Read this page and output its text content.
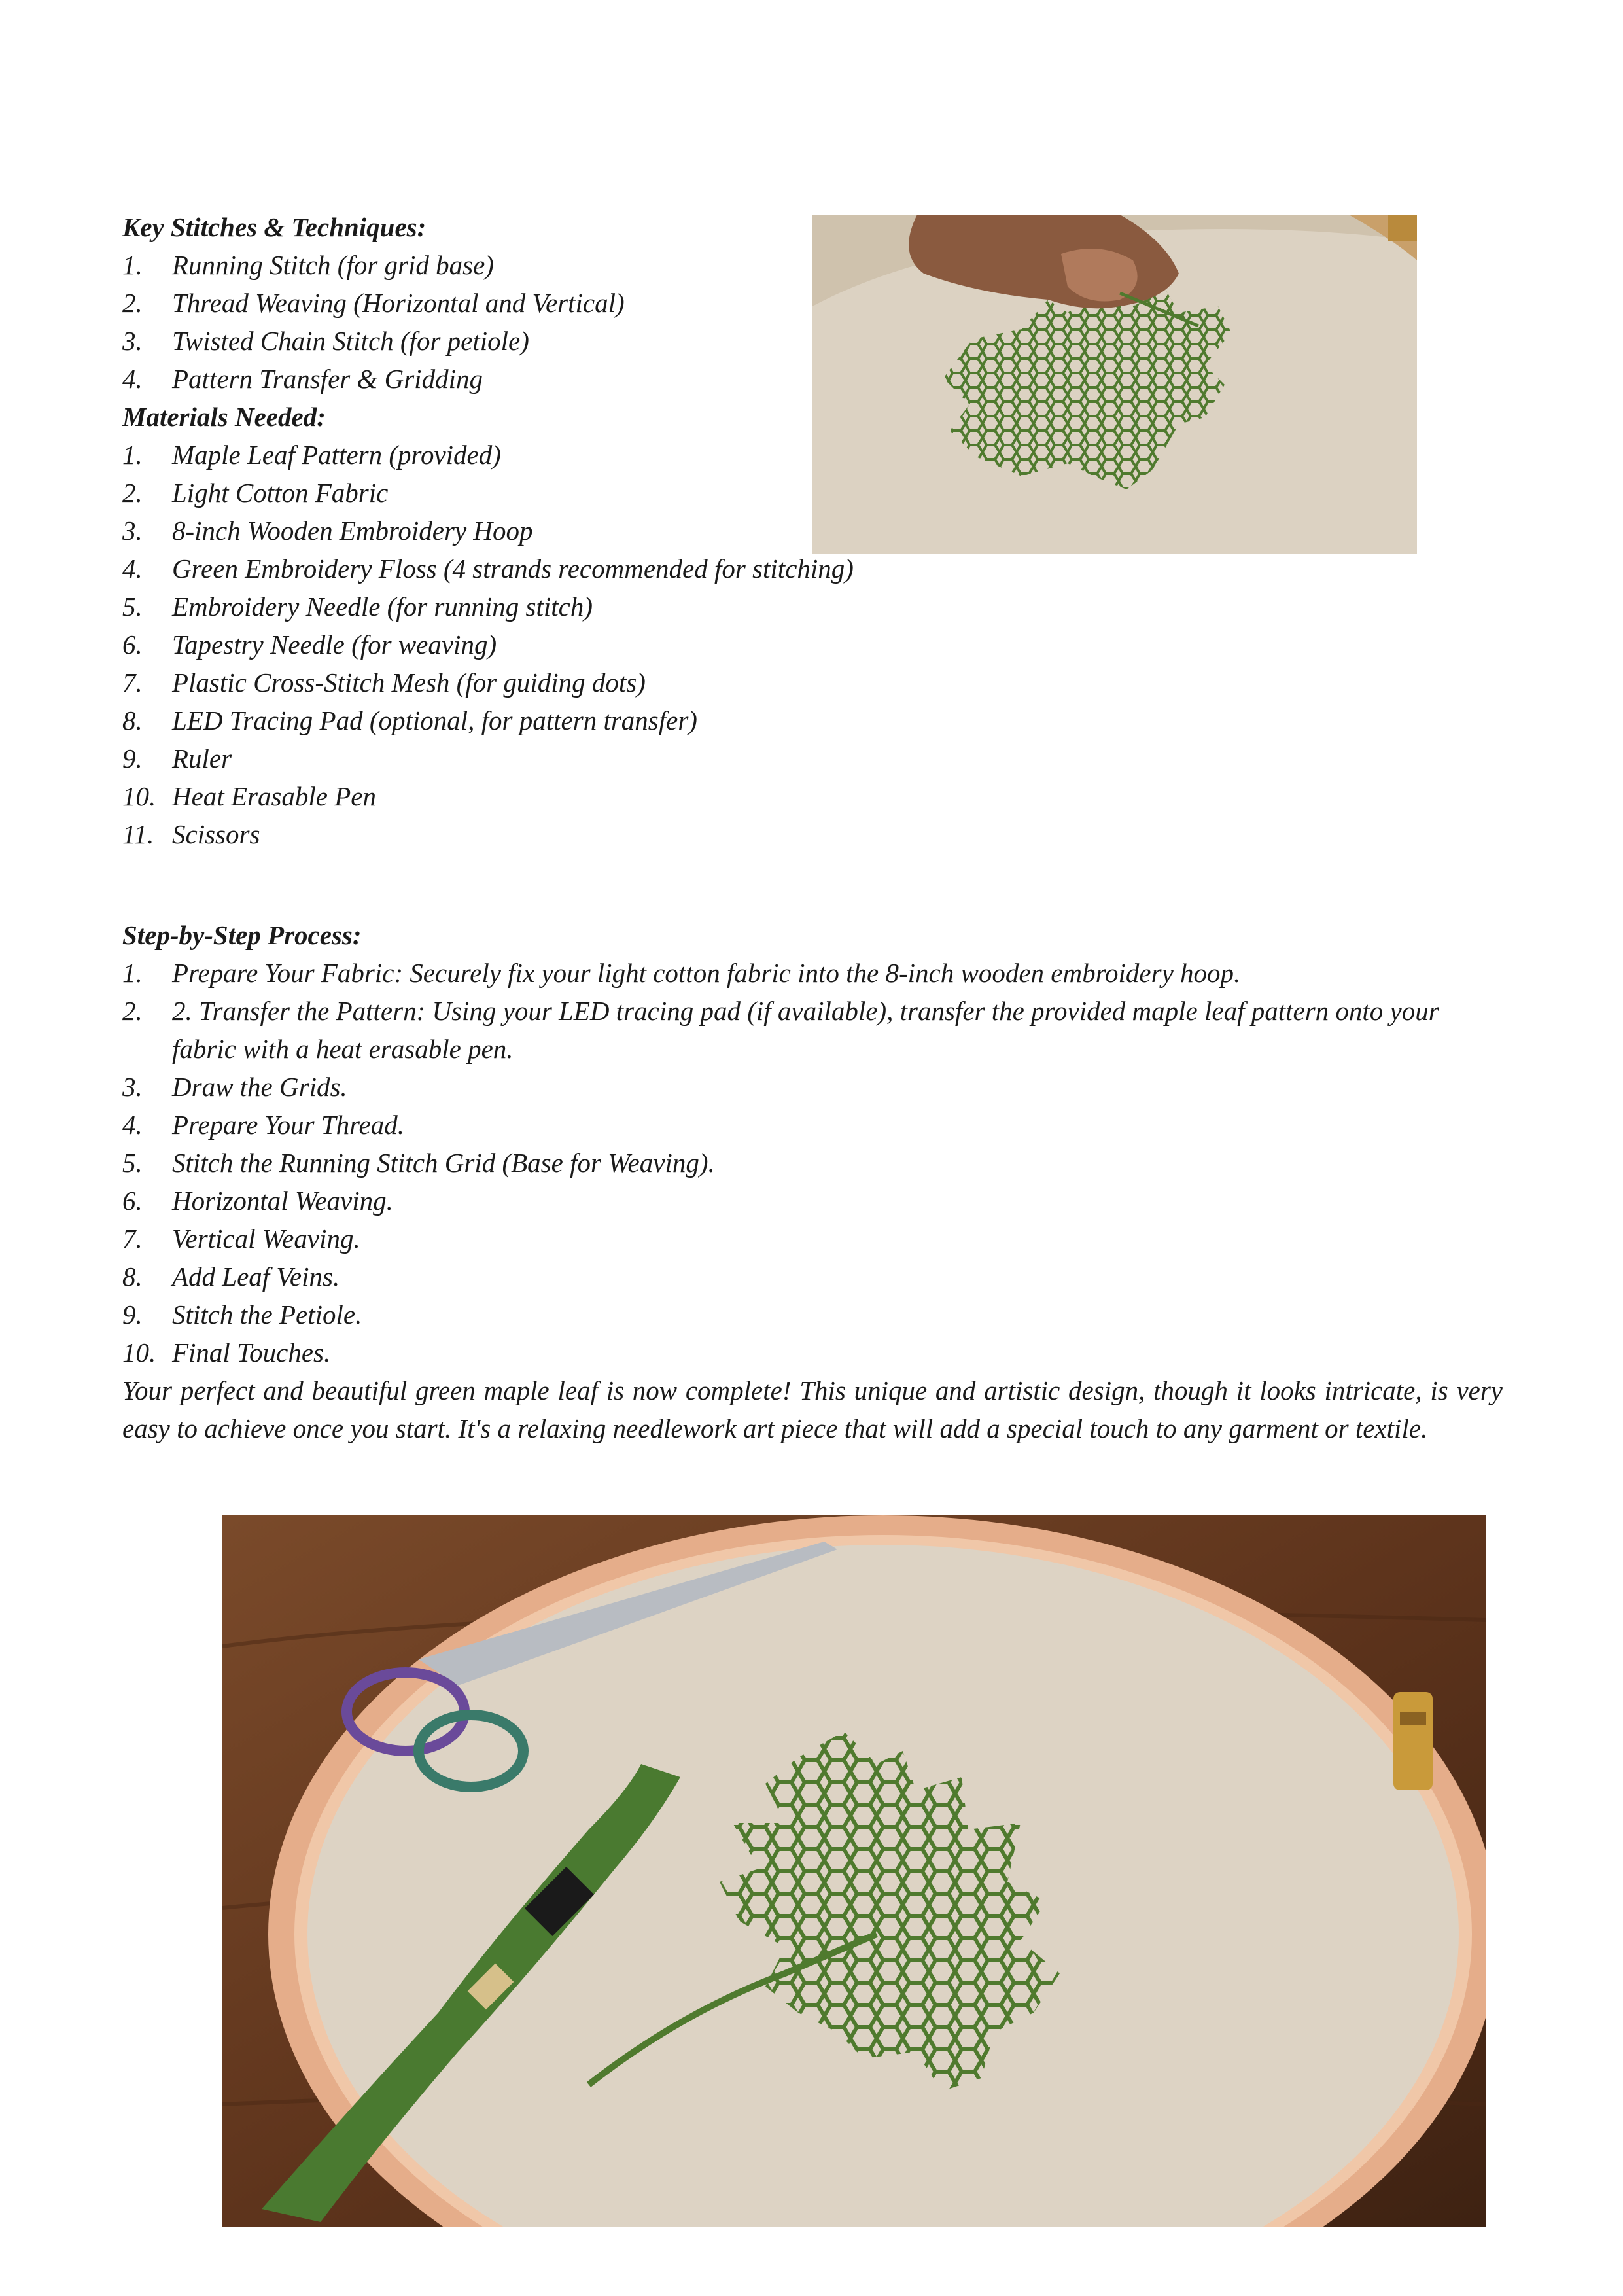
Key Stitches & Techniques:
1. Running Stitch (for grid base)
2. Thread Weaving (Horizontal and Vertical)
3. Twisted Chain Stitch (for petiole)
4. Pattern Transfer & Gridding
Materials Needed:
1. Maple Leaf Pattern (provided)
2. Light Cotton Fabric
3. 8-inch Wooden Embroidery Hoop
4. Green Embroidery Floss (4 strands recommended for stitching)
5. Embroidery Needle (for running stitch)
6. Tapestry Needle (for weaving)
7. Plastic Cross-Stitch Mesh (for guiding dots)
8. LED Tracing Pad (optional, for pattern transfer)
9. Ruler
10. Heat Erasable Pen
11. Scissors
Step-by-Step Process:
1. Prepare Your Fabric: Securely fix your light cotton fabric into the 8-inch wooden embroidery hoop.
2. 2. Transfer the Pattern: Using your LED tracing pad (if available), transfer the provided maple leaf pattern onto your fabric with a heat erasable pen.
3. Draw the Grids.
4. Prepare Your Thread.
5. Stitch the Running Stitch Grid (Base for Weaving).
6. Horizontal Weaving.
7. Vertical Weaving.
8. Add Leaf Veins.
9. Stitch the Petiole.
10. Final Touches.
Your perfect and beautiful green maple leaf is now complete! This unique and artistic design, though it looks intricate, is very easy to achieve once you start. It's a relaxing needlework art piece that will add a special touch to any garment or textile.
